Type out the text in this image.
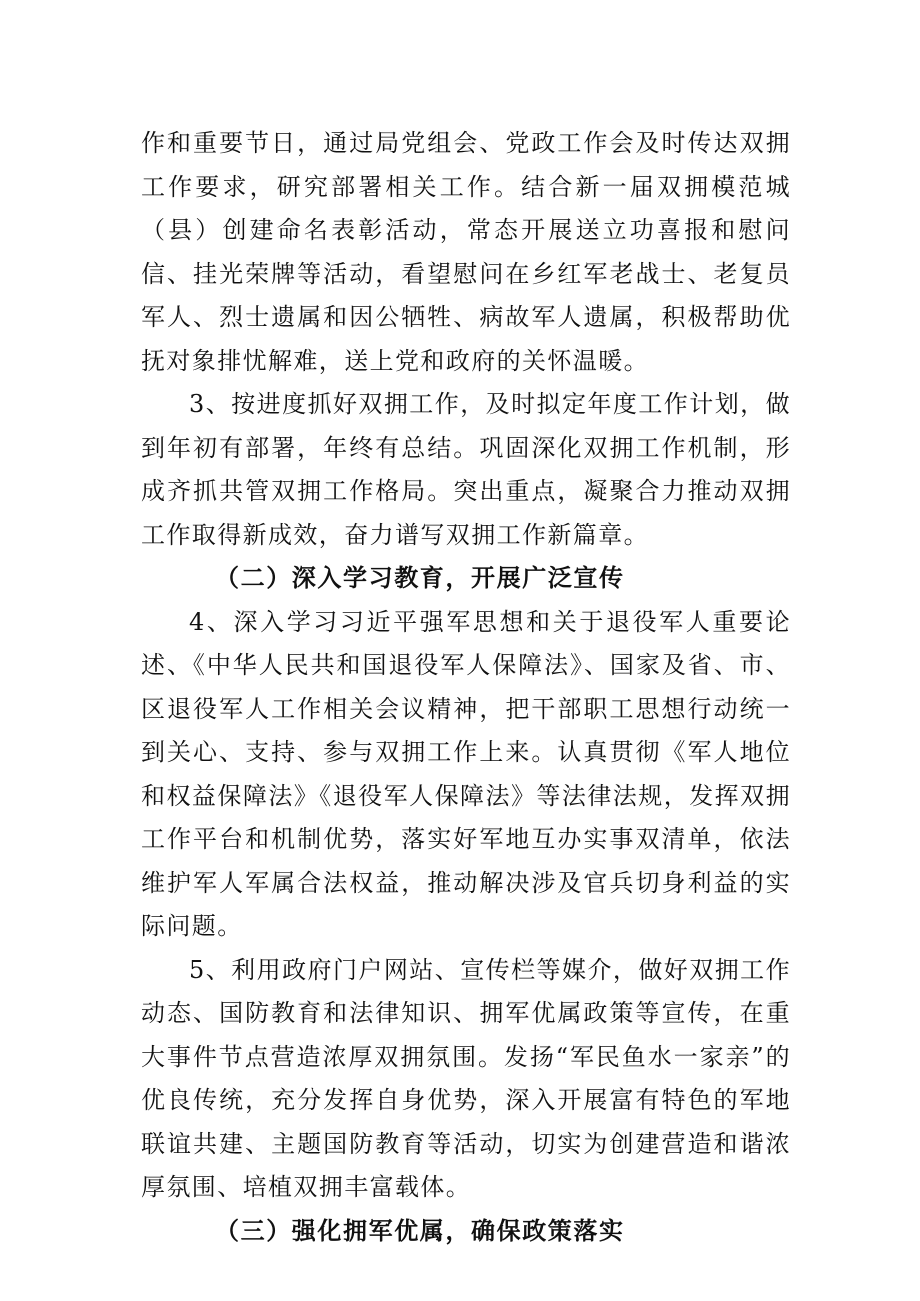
作和重要节日，通过局党组会、党政工作会及时传达双拥工作要求，研究部署相关工作。结合新一届双拥模范城（县）创建命名表彰活动，常态开展送立功喜报和慰问信、挂光荣牌等活动，看望慰问在乡红军老战士、老复员军人、烈士遗属和因公牺牲、病故军人遗属，积极帮助优抚对象排忧解难，送上党和政府的关怀温暖。

3、按进度抓好双拥工作，及时拟定年度工作计划，做到年初有部署，年终有总结。巩固深化双拥工作机制，形成齐抓共管双拥工作格局。突出重点，凝聚合力推动双拥工作取得新成效，奋力谱写双拥工作新篇章。

（二）深入学习教育，开展广泛宣传

4、深入学习习近平强军思想和关于退役军人重要论述、《中华人民共和国退役军人保障法》、国家及省、市、区退役军人工作相关会议精神，把干部职工思想行动统一到关心、支持、参与双拥工作上来。认真贯彻《军人地位和权益保障法》《退役军人保障法》等法律法规，发挥双拥工作平台和机制优势，落实好军地互办实事双清单，依法维护军人军属合法权益，推动解决涉及官兵切身利益的实际问题。

5、利用政府门户网站、宣传栏等媒介，做好双拥工作动态、国防教育和法律知识、拥军优属政策等宣传，在重大事件节点营造浓厚双拥氛围。发扬“军民鱼水一家亲”的优良传统，充分发挥自身优势，深入开展富有特色的军地联谊共建、主题国防教育等活动，切实为创建营造和谐浓厚氛围、培植双拥丰富载体。

（三）强化拥军优属，确保政策落实
